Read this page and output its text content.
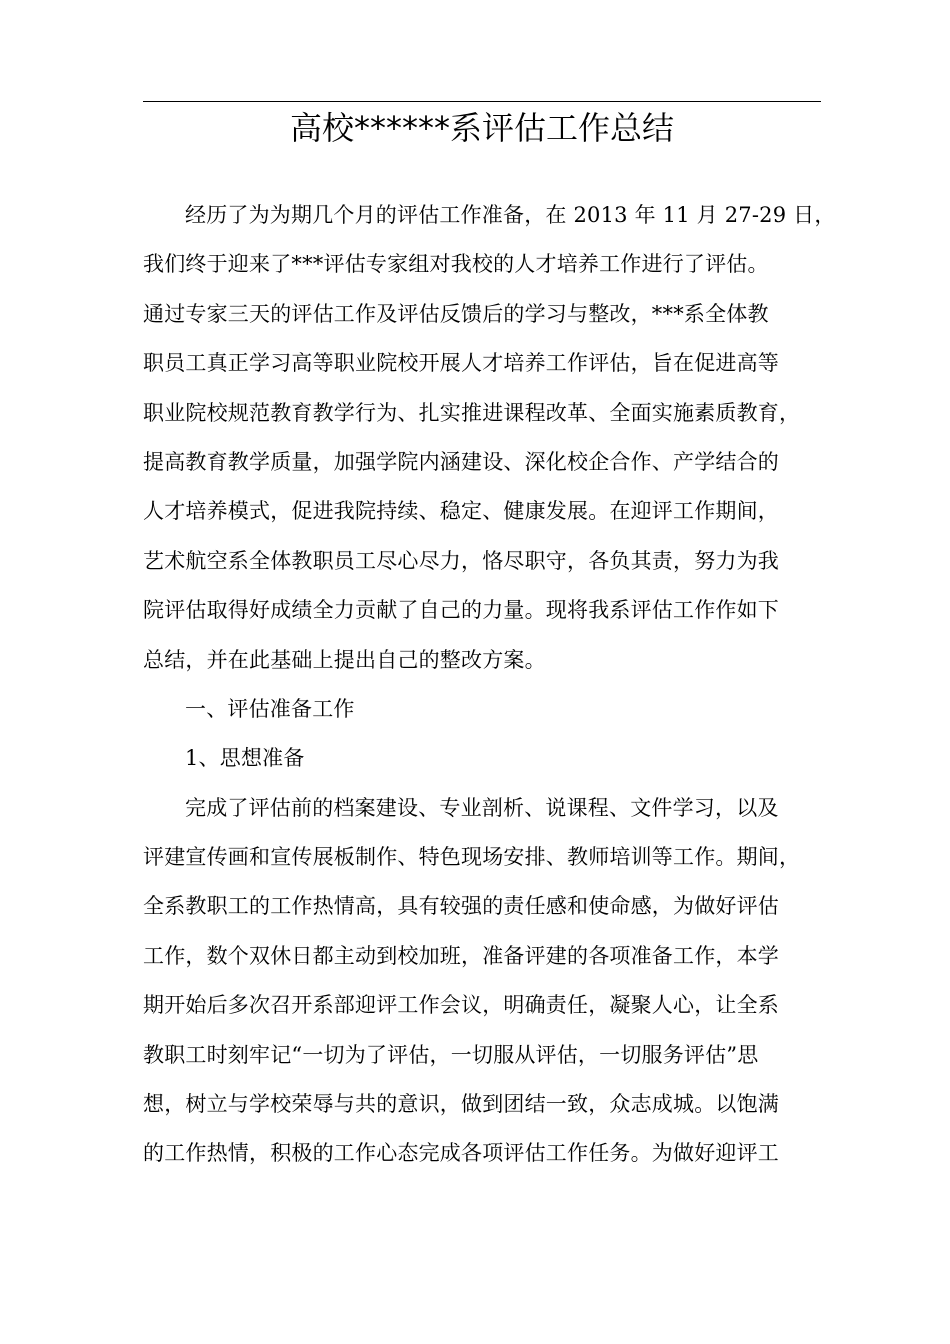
高校******系评估工作总结
经历了为为期几个月的评估工作准备，在 2013 年 11 月 27-29 日，
我们终于迎来了***评估专家组对我校的人才培养工作进行了评估。
通过专家三天的评估工作及评估反馈后的学习与整改，***系全体教
职员工真正学习高等职业院校开展人才培养工作评估，旨在促进高等
职业院校规范教育教学行为、扎实推进课程改革、全面实施素质教育，
提高教育教学质量，加强学院内涵建设、深化校企合作、产学结合的
人才培养模式，促进我院持续、稳定、健康发展。在迎评工作期间，
艺术航空系全体教职员工尽心尽力，恪尽职守，各负其责，努力为我
院评估取得好成绩全力贡献了自己的力量。现将我系评估工作作如下
总结，并在此基础上提出自己的整改方案。
一、评估准备工作
1、思想准备
完成了评估前的档案建设、专业剖析、说课程、文件学习，以及
评建宣传画和宣传展板制作、特色现场安排、教师培训等工作。期间，
全系教职工的工作热情高，具有较强的责任感和使命感，为做好评估
工作，数个双休日都主动到校加班，准备评建的各项准备工作，本学
期开始后多次召开系部迎评工作会议，明确责任，凝聚人心，让全系
教职工时刻牢记“一切为了评估，一切服从评估，一切服务评估”思
想，树立与学校荣辱与共的意识，做到团结一致，众志成城。以饱满
的工作热情，积极的工作心态完成各项评估工作任务。为做好迎评工
